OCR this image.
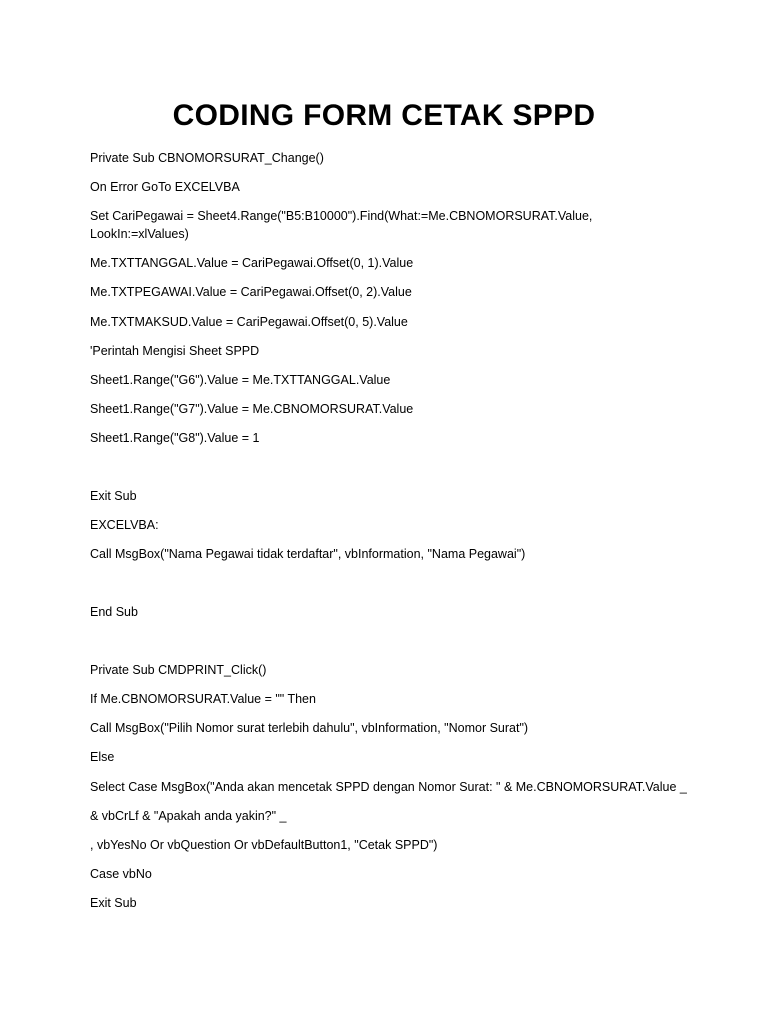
CODING FORM CETAK SPPD
Private Sub CBNOMORSURAT_Change()
On Error GoTo EXCELVBA
Set CariPegawai = Sheet4.Range("B5:B10000").Find(What:=Me.CBNOMORSURAT.Value,
LookIn:=xlValues)
Me.TXTTANGGAL.Value = CariPegawai.Offset(0, 1).Value
Me.TXTPEGAWAI.Value = CariPegawai.Offset(0, 2).Value
Me.TXTMAKSUD.Value = CariPegawai.Offset(0, 5).Value
'Perintah Mengisi Sheet SPPD
Sheet1.Range("G6").Value = Me.TXTTANGGAL.Value
Sheet1.Range("G7").Value = Me.CBNOMORSURAT.Value
Sheet1.Range("G8").Value = 1
Exit Sub
EXCELVBA:
Call MsgBox("Nama Pegawai tidak terdaftar", vbInformation, "Nama Pegawai")
End Sub
Private Sub CMDPRINT_Click()
If Me.CBNOMORSURAT.Value = "" Then
Call MsgBox("Pilih Nomor surat terlebih dahulu", vbInformation, "Nomor Surat")
Else
Select Case MsgBox("Anda akan mencetak SPPD dengan Nomor Surat: " & Me.CBNOMORSURAT.Value _
& vbCrLf & "Apakah anda yakin?" _
, vbYesNo Or vbQuestion Or vbDefaultButton1, "Cetak SPPD")
Case vbNo
Exit Sub
